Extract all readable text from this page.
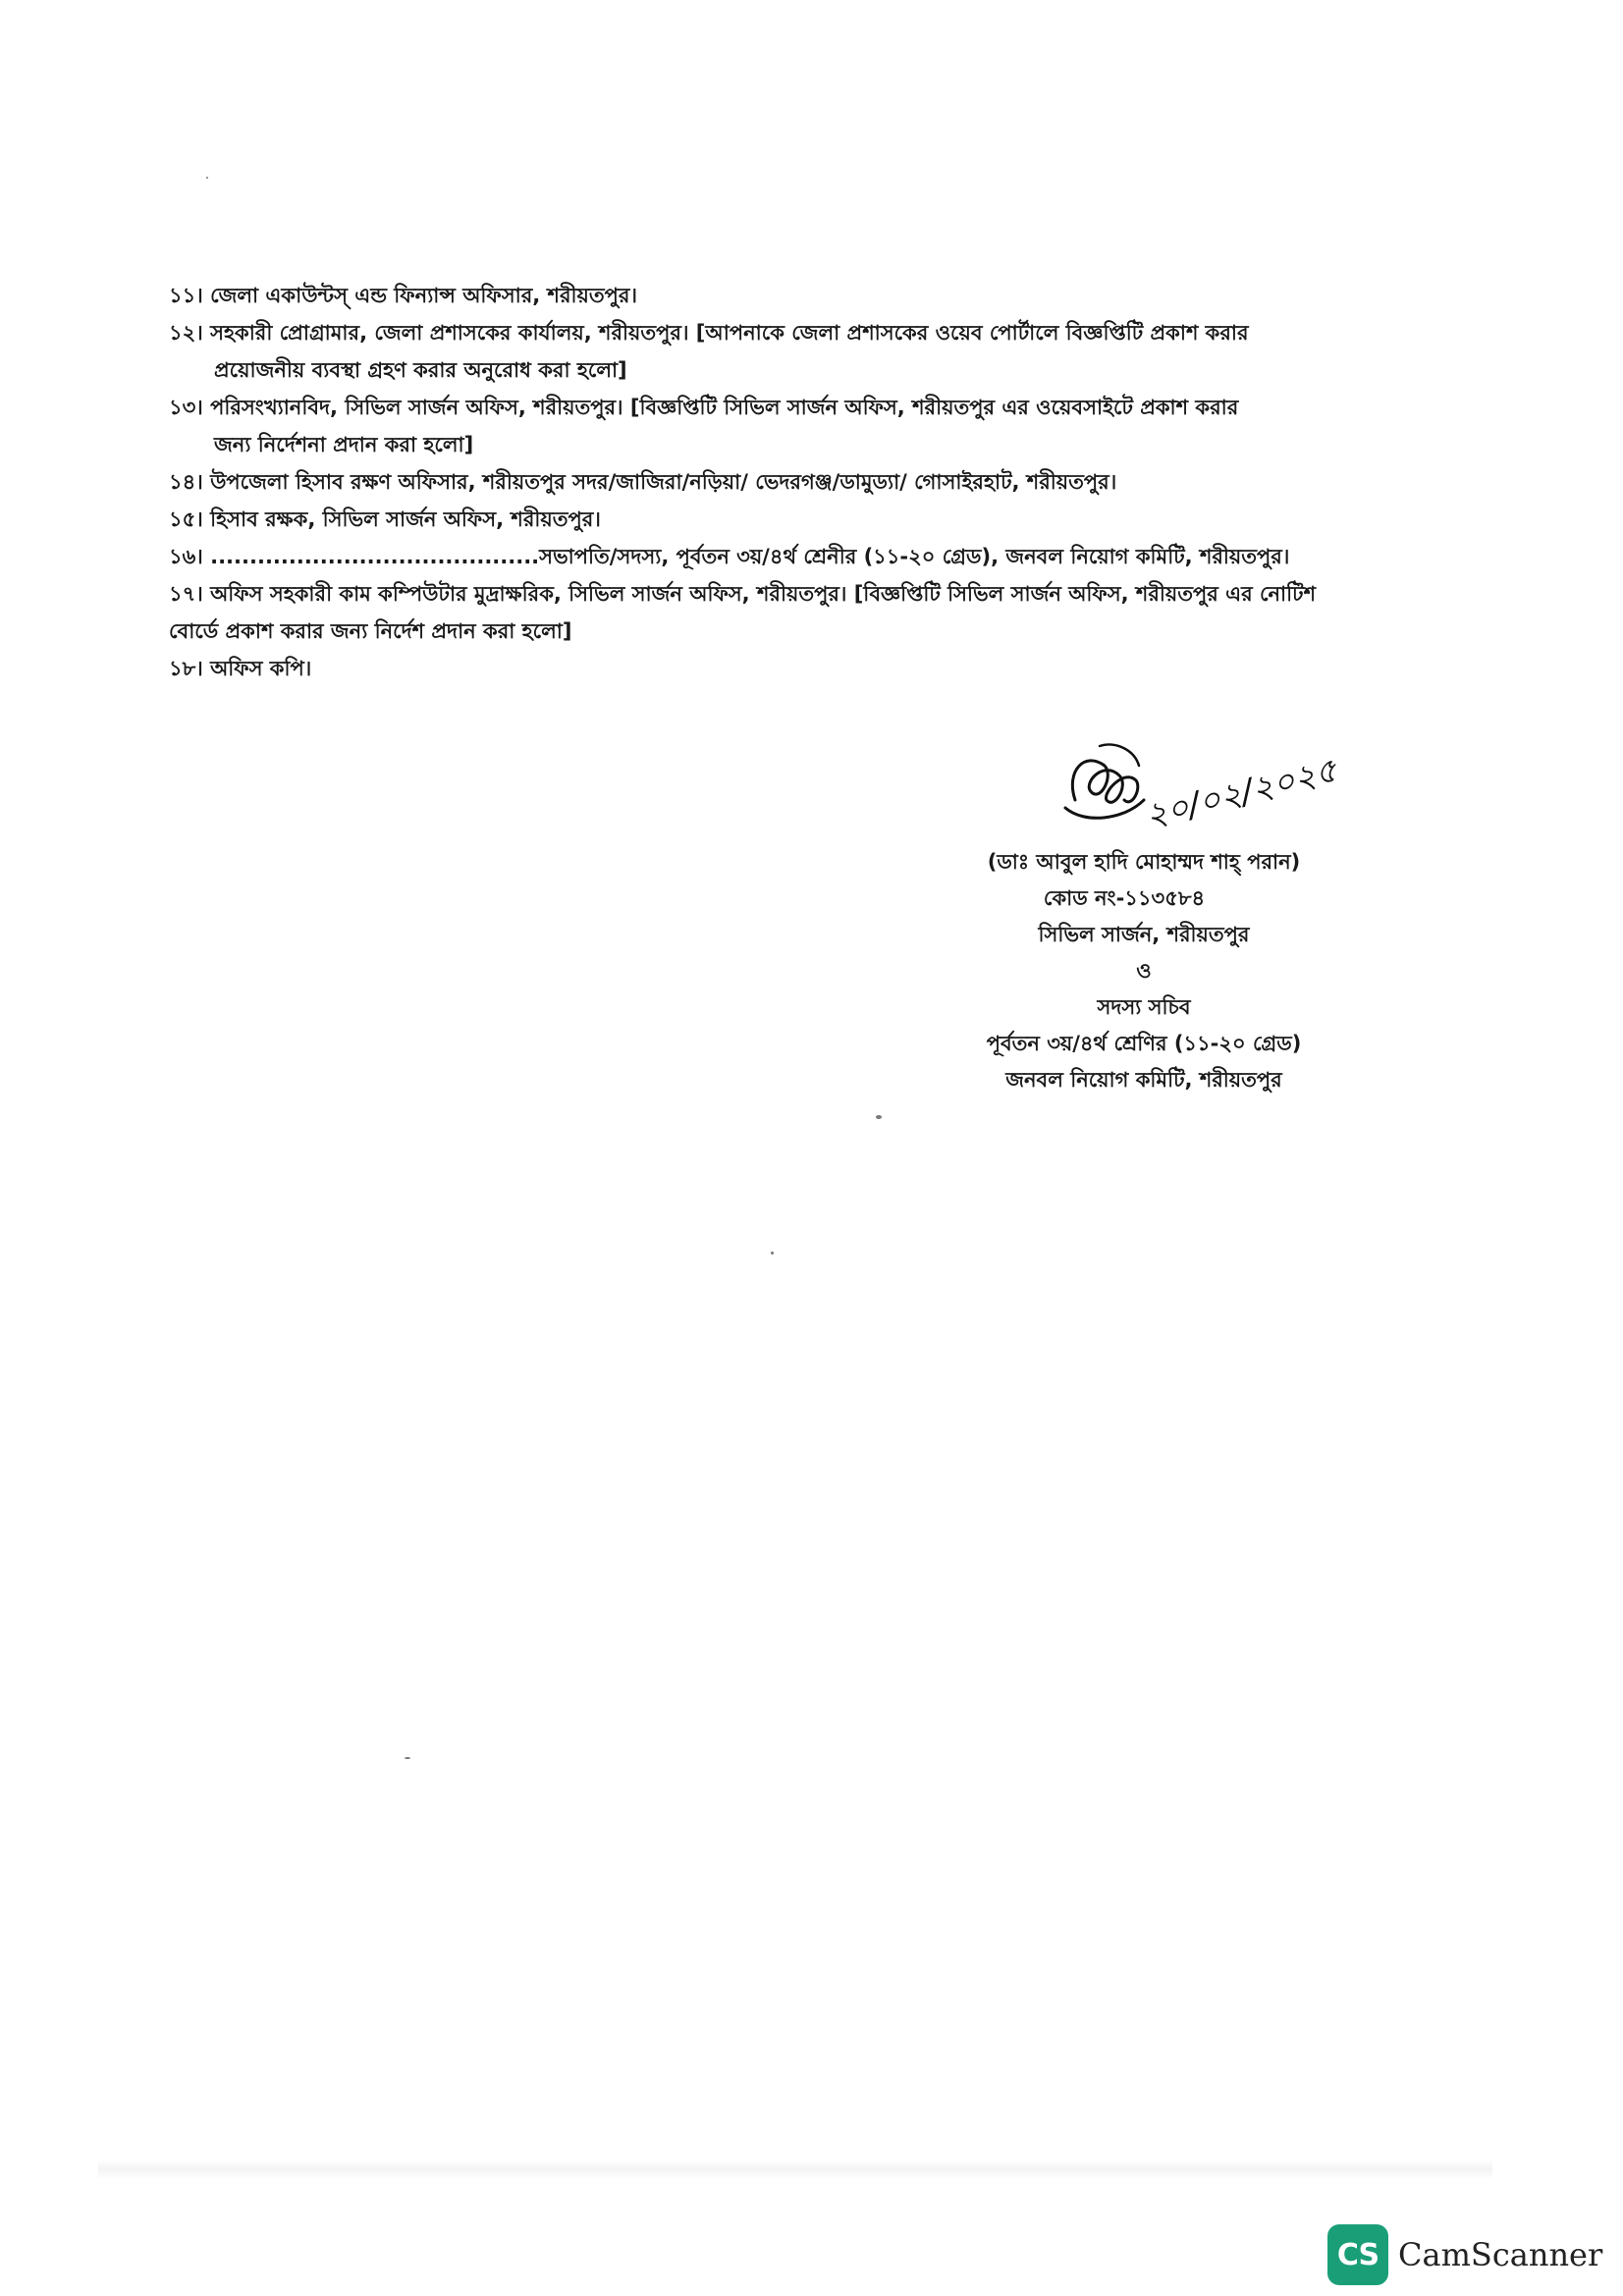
১১। জেলা একাউন্টস্ এন্ড ফিন্যান্স অফিসার, শরীয়তপুর।
১২। সহকারী প্রোগ্রামার, জেলা প্রশাসকের কার্যালয়, শরীয়তপুর। [আপনাকে জেলা প্রশাসকের ওয়েব পোর্টালে বিজ্ঞপ্তিটি প্রকাশ করার
প্রয়োজনীয় ব্যবস্থা গ্রহণ করার অনুরোধ করা হলো]
১৩। পরিসংখ্যানবিদ, সিভিল সার্জন অফিস, শরীয়তপুর। [বিজ্ঞপ্তিটি সিভিল সার্জন অফিস, শরীয়তপুর এর ওয়েবসাইটে প্রকাশ করার
জন্য নির্দেশনা প্রদান করা হলো]
১৪। উপজেলা হিসাব রক্ষণ অফিসার, শরীয়তপুর সদর/জাজিরা/নড়িয়া/ ভেদরগঞ্জ/ডামুড্যা/ গোসাইরহাট, শরীয়তপুর।
১৫। হিসাব রক্ষক, সিভিল সার্জন অফিস, শরীয়তপুর।
১৬। ..........................................সভাপতি/সদস্য, পূর্বতন ৩য়/৪র্থ শ্রেনীর (১১-২০ গ্রেড), জনবল নিয়োগ কমিটি, শরীয়তপুর।
১৭। অফিস সহকারী কাম কম্পিউটার মুদ্রাক্ষরিক, সিভিল সার্জন অফিস, শরীয়তপুর। [বিজ্ঞপ্তিটি সিভিল সার্জন অফিস, শরীয়তপুর এর নোটিশ
বোর্ডে প্রকাশ করার জন্য নির্দেশ প্রদান করা হলো]
১৮। অফিস কপি।
২০/০২/২০২৫
(ডাঃ আবুল হাদি মোহাম্মদ শাহ্ পরান)
কোড নং-১১৩৫৮৪
সিভিল সার্জন, শরীয়তপুর
ও
সদস্য সচিব
পূর্বতন ৩য়/৪র্থ শ্রেণির (১১-২০ গ্রেড)
জনবল নিয়োগ কমিটি, শরীয়তপুর
CS CamScanner
